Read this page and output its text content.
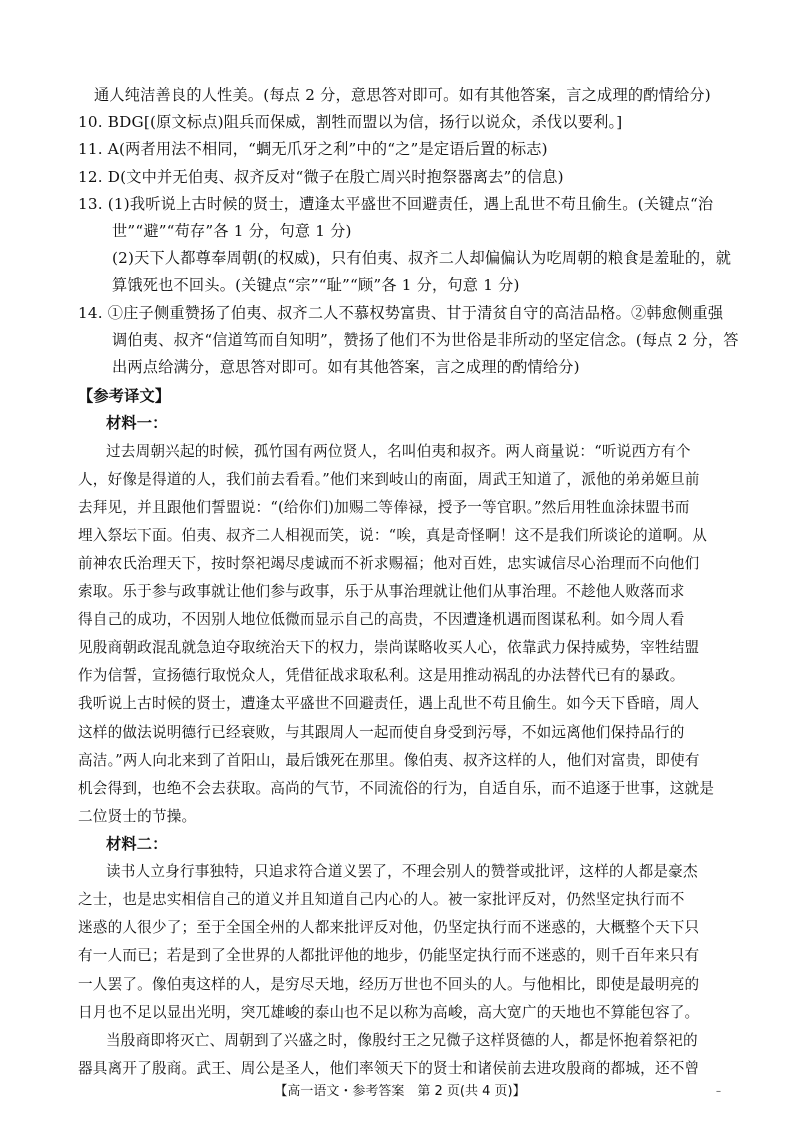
通人纯洁善良的人性美。(每点 2 分，意思答对即可。如有其他答案，言之成理的酌情给分)
10. BDG[(原文标点)阻兵而保威，割牲而盟以为信，扬行以说众，杀伐以要利。]
11. A(两者用法不相同，“蜩无爪牙之利”中的“之”是定语后置的标志)
12. D(文中并无伯夷、叔齐反对“微子在殷亡周兴时抱祭器离去”的信息)
13. (1)我听说上古时候的贤士，遭逢太平盛世不回避责任，遇上乱世不苟且偷生。(关键点“治
世”“避”“苟存”各 1 分，句意 1 分)
(2)天下人都尊奉周朝(的权威)，只有伯夷、叔齐二人却偏偏认为吃周朝的粮食是羞耻的，就
算饿死也不回头。(关键点“宗”“耻”“顾”各 1 分，句意 1 分)
14. ①庄子侧重赞扬了伯夷、叔齐二人不慕权势富贵、甘于清贫自守的高洁品格。②韩愈侧重强
调伯夷、叔齐“信道笃而自知明”，赞扬了他们不为世俗是非所动的坚定信念。(每点 2 分，答
出两点给满分，意思答对即可。如有其他答案，言之成理的酌情给分)
【参考译文】
材料一：
过去周朝兴起的时候，孤竹国有两位贤人，名叫伯夷和叔齐。两人商量说：“听说西方有个
人，好像是得道的人，我们前去看看。”他们来到岐山的南面，周武王知道了，派他的弟弟姬旦前
去拜见，并且跟他们誓盟说：“(给你们)加赐二等俸禄，授予一等官职。”然后用牲血涂抹盟书而
埋入祭坛下面。伯夷、叔齐二人相视而笑，说：“唉，真是奇怪啊！这不是我们所谈论的道啊。从
前神农氏治理天下，按时祭祀竭尽虔诚而不祈求赐福；他对百姓，忠实诚信尽心治理而不向他们
索取。乐于参与政事就让他们参与政事，乐于从事治理就让他们从事治理。不趁他人败落而求
得自己的成功，不因别人地位低微而显示自己的高贵，不因遭逢机遇而图谋私利。如今周人看
见殷商朝政混乱就急迫夺取统治天下的权力，崇尚谋略收买人心，依靠武力保持威势，宰牲结盟
作为信誓，宣扬德行取悦众人，凭借征战求取私利。这是用推动祸乱的办法替代已有的暴政。
我听说上古时候的贤士，遭逢太平盛世不回避责任，遇上乱世不苟且偷生。如今天下昏暗，周人
这样的做法说明德行已经衰败，与其跟周人一起而使自身受到污辱，不如远离他们保持品行的
高洁。”两人向北来到了首阳山，最后饿死在那里。像伯夷、叔齐这样的人，他们对富贵，即使有
机会得到，也绝不会去获取。高尚的气节，不同流俗的行为，自适自乐，而不追逐于世事，这就是
二位贤士的节操。
材料二：
读书人立身行事独特，只追求符合道义罢了，不理会别人的赞誉或批评，这样的人都是豪杰
之士，也是忠实相信自己的道义并且知道自己内心的人。被一家批评反对，仍然坚定执行而不
迷惑的人很少了；至于全国全州的人都来批评反对他，仍坚定执行而不迷惑的，大概整个天下只
有一人而已；若是到了全世界的人都批评他的地步，仍能坚定执行而不迷惑的，则千百年来只有
一人罢了。像伯夷这样的人，是穷尽天地，经历万世也不回头的人。与他相比，即使是最明亮的
日月也不足以显出光明，突兀雄峻的泰山也不足以称为高峻，高大宽广的天地也不算能包容了。
当殷商即将灭亡、周朝到了兴盛之时，像殷纣王之兄微子这样贤德的人，都是怀抱着祭祀的
器具离开了殷商。武王、周公是圣人，他们率领天下的贤士和诸侯前去进攻殷商的都城，还不曾
【高一语文・参考答案　第 2 页(共 4 页)】	–
